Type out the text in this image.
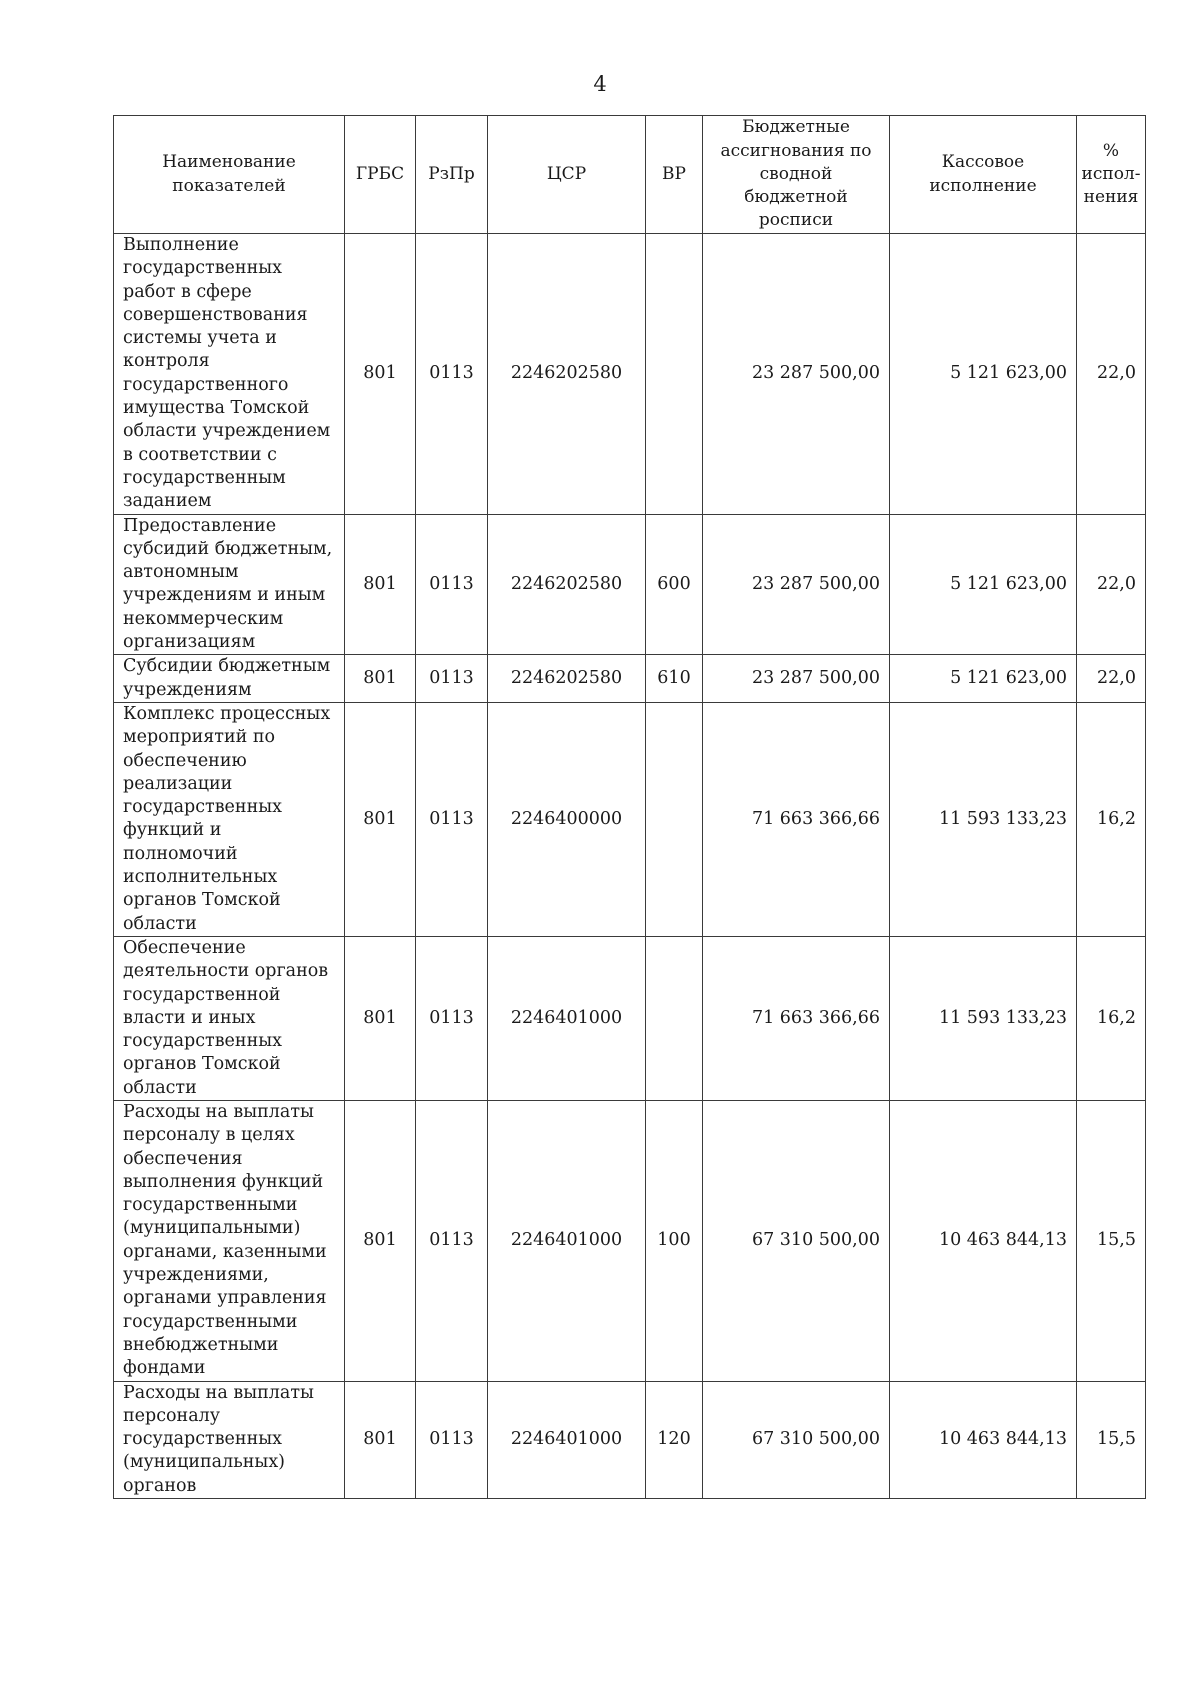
4
Наименование показателей	ГРБС	РзПр	ЦСР	ВР	Бюджетные ассигнования по сводной бюджетной росписи	Кассовое исполнение	% испол-нения
Выполнение государственных работ в сфере совершенствования системы учета и контроля государственного имущества Томской области учреждением в соответствии с государственным заданием	801	0113	2246202580		23 287 500,00	5 121 623,00	22,0
Предоставление субсидий бюджетным, автономным учреждениям и иным некоммерческим организациям	801	0113	2246202580	600	23 287 500,00	5 121 623,00	22,0
Субсидии бюджетным учреждениям	801	0113	2246202580	610	23 287 500,00	5 121 623,00	22,0
Комплекс процессных мероприятий по обеспечению реализации государственных функций и полномочий исполнительных органов Томской области	801	0113	2246400000		71 663 366,66	11 593 133,23	16,2
Обеспечение деятельности органов государственной власти и иных государственных органов Томской области	801	0113	2246401000		71 663 366,66	11 593 133,23	16,2
Расходы на выплаты персоналу в целях обеспечения выполнения функций государственными (муниципальными) органами, казенными учреждениями, органами управления государственными внебюджетными фондами	801	0113	2246401000	100	67 310 500,00	10 463 844,13	15,5
Расходы на выплаты персоналу государственных (муниципальных) органов	801	0113	2246401000	120	67 310 500,00	10 463 844,13	15,5
